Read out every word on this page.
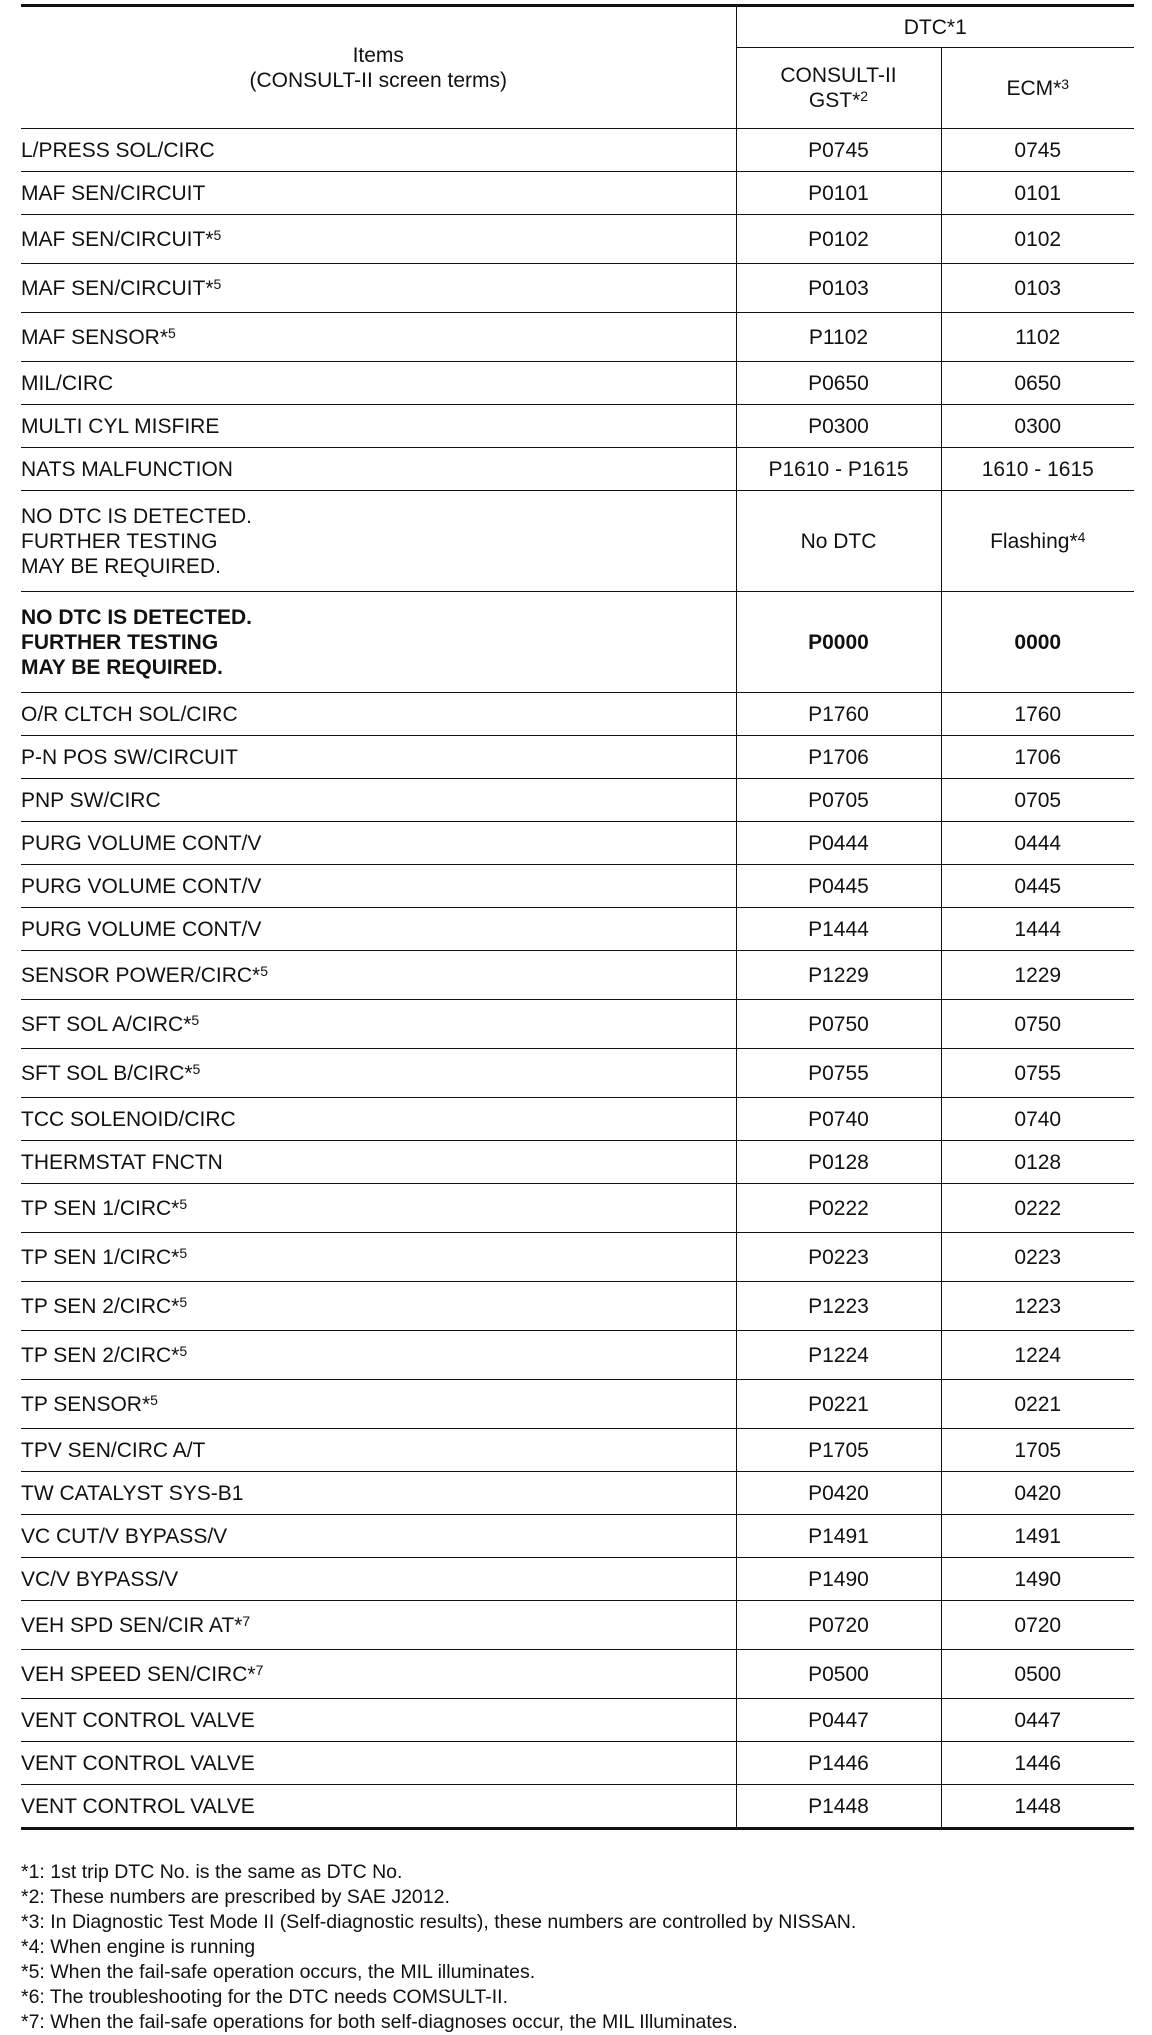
Items
(CONSULT-II screen terms)	DTC*1	

	CONSULT-II
GST*$^2$	ECM*$^3$
L/PRESS SOL/CIRC	P0745	0745
MAF SEN/CIRCUIT	P0101	0101
MAF SEN/CIRCUIT*$^5$	P0102	0102
MAF SEN/CIRCUIT*$^5$	P0103	0103
MAF SENSOR*$^5$	P1102	1102
MIL/CIRC	P0650	0650
MULTI CYL MISFIRE	P0300	0300
NATS MALFUNCTION	P1610 - P1615	1610 - 1615

NO DTC IS DETECTED.
FURTHER TESTING
MAY BE REQUIRED.	No DTC	Flashing*$^4$

NO DTC IS DETECTED.
FURTHER TESTING
MAY BE REQUIRED.	P0000	0000
O/R CLTCH SOL/CIRC	P1760	1760
P-N POS SW/CIRCUIT	P1706	1706
PNP SW/CIRC	P0705	0705
PURG VOLUME CONT/V	P0444	0444
PURG VOLUME CONT/V	P0445	0445
PURG VOLUME CONT/V	P1444	1444
SENSOR POWER/CIRC*$^5$	P1229	1229
SFT SOL A/CIRC*$^5$	P0750	0750
SFT SOL B/CIRC*$^5$	P0755	0755
TCC SOLENOID/CIRC	P0740	0740
THERMSTAT FNCTN	P0128	0128
TP SEN 1/CIRC*$^5$	P0222	0222
TP SEN 1/CIRC*$^5$	P0223	0223
TP SEN 2/CIRC*$^5$	P1223	1223
TP SEN 2/CIRC*$^5$	P1224	1224
TP SENSOR*$^5$	P0221	0221
TPV SEN/CIRC A/T	P1705	1705
TW CATALYST SYS-B1	P0420	0420
VC CUT/V BYPASS/V	P1491	1491
VC/V BYPASS/V	P1490	1490
VEH SPD SEN/CIR AT*$^7$	P0720	0720
VEH SPEED SEN/CIRC*$^7$	P0500	0500
VENT CONTROL VALVE	P0447	0447
VENT CONTROL VALVE	P1446	1446
VENT CONTROL VALVE	P1448	1448
*1: 1st trip DTC No. is the same as DTC No.
*2: These numbers are prescribed by SAE J2012.
*3: In Diagnostic Test Mode II (Self-diagnostic results), these numbers are controlled by NISSAN.
*4: When engine is running
*5: When the fail-safe operation occurs, the MIL illuminates.
*6: The troubleshooting for the DTC needs COMSULT-II.
*7: When the fail-safe operations for both self-diagnoses occur, the MIL Illuminates.
